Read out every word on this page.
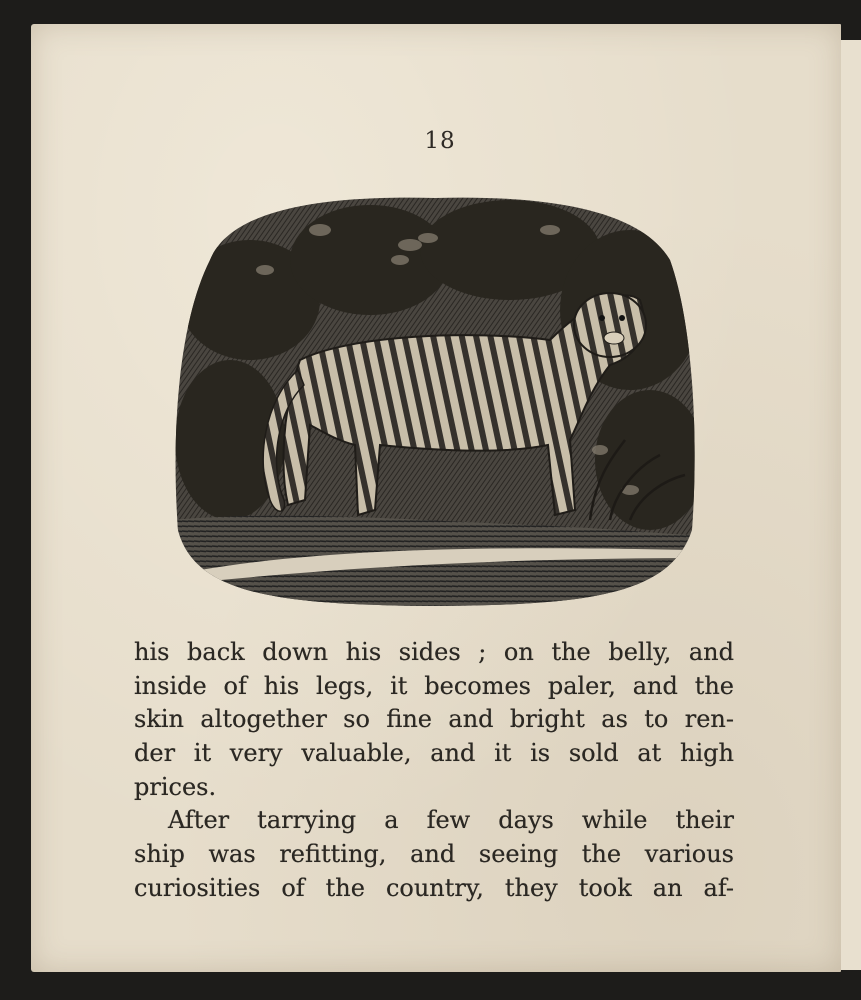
18
his back down his sides ; on the belly, and
inside of his legs, it becomes paler, and the
skin altogether so fine and bright as to ren-
der it very valuable, and it is sold at high
prices.
After tarrying a few days while their
ship was refitting, and seeing the various
curiosities of the country, they took an af-
